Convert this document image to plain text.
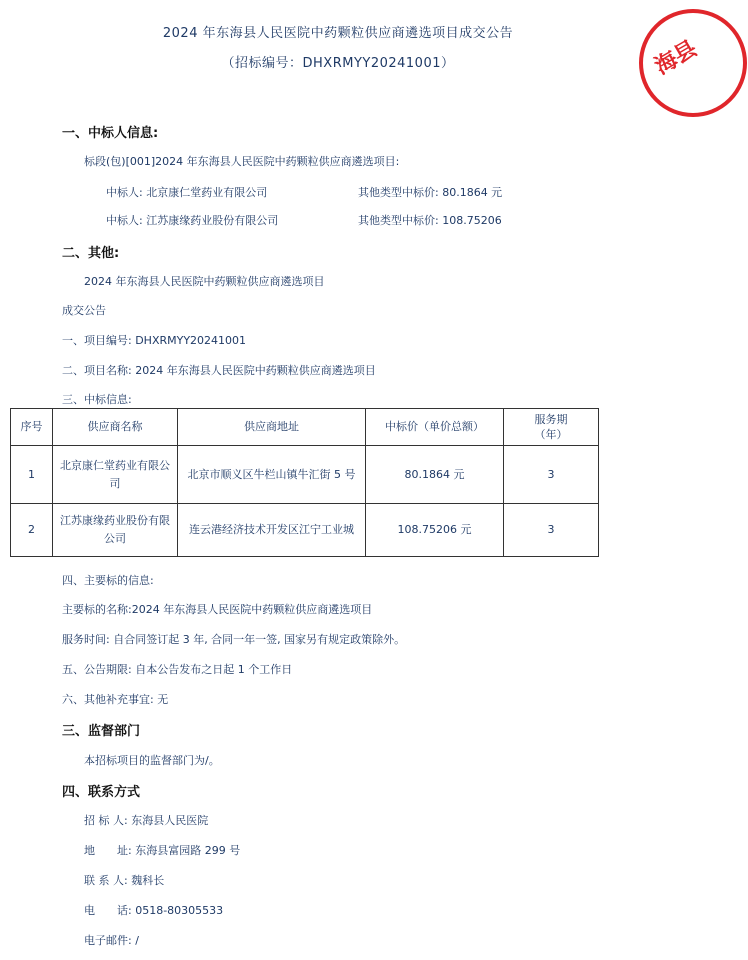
2024 年东海县人民医院中药颗粒供应商遴选项目成交公告
（招标编号：DHXRMYY20241001）	海县
一、中标人信息:
标段(包)[001]2024 年东海县人民医院中药颗粒供应商遴选项目:
中标人: 北京康仁堂药业有限公司	其他类型中标价: 80.1864 元
中标人: 江苏康缘药业股份有限公司	其他类型中标价: 108.75206
二、其他:
2024 年东海县人民医院中药颗粒供应商遴选项目
成交公告
一、项目编号: DHXRMYY20241001
二、项目名称: 2024 年东海县人民医院中药颗粒供应商遴选项目
三、中标信息:
序号	供应商名称	供应商地址	中标价（单价总额）	服务期
（年）
1	北京康仁堂药业有限公司	北京市顺义区牛栏山镇牛汇街 5 号	80.1864 元	3
2	江苏康缘药业股份有限公司	连云港经济技术开发区江宁工业城	108.75206 元	3
四、主要标的信息:
主要标的名称:2024 年东海县人民医院中药颗粒供应商遴选项目
服务时间: 自合同签订起 3 年, 合同一年一签, 国家另有规定政策除外。
五、公告期限: 自本公告发布之日起 1 个工作日
六、其他补充事宜: 无
三、监督部门
本招标项目的监督部门为/。
四、联系方式
招 标 人: 东海县人民医院
地　　址: 东海县富园路 299 号
联 系 人: 魏科长
电　　话: 0518-80305533
电子邮件: /
